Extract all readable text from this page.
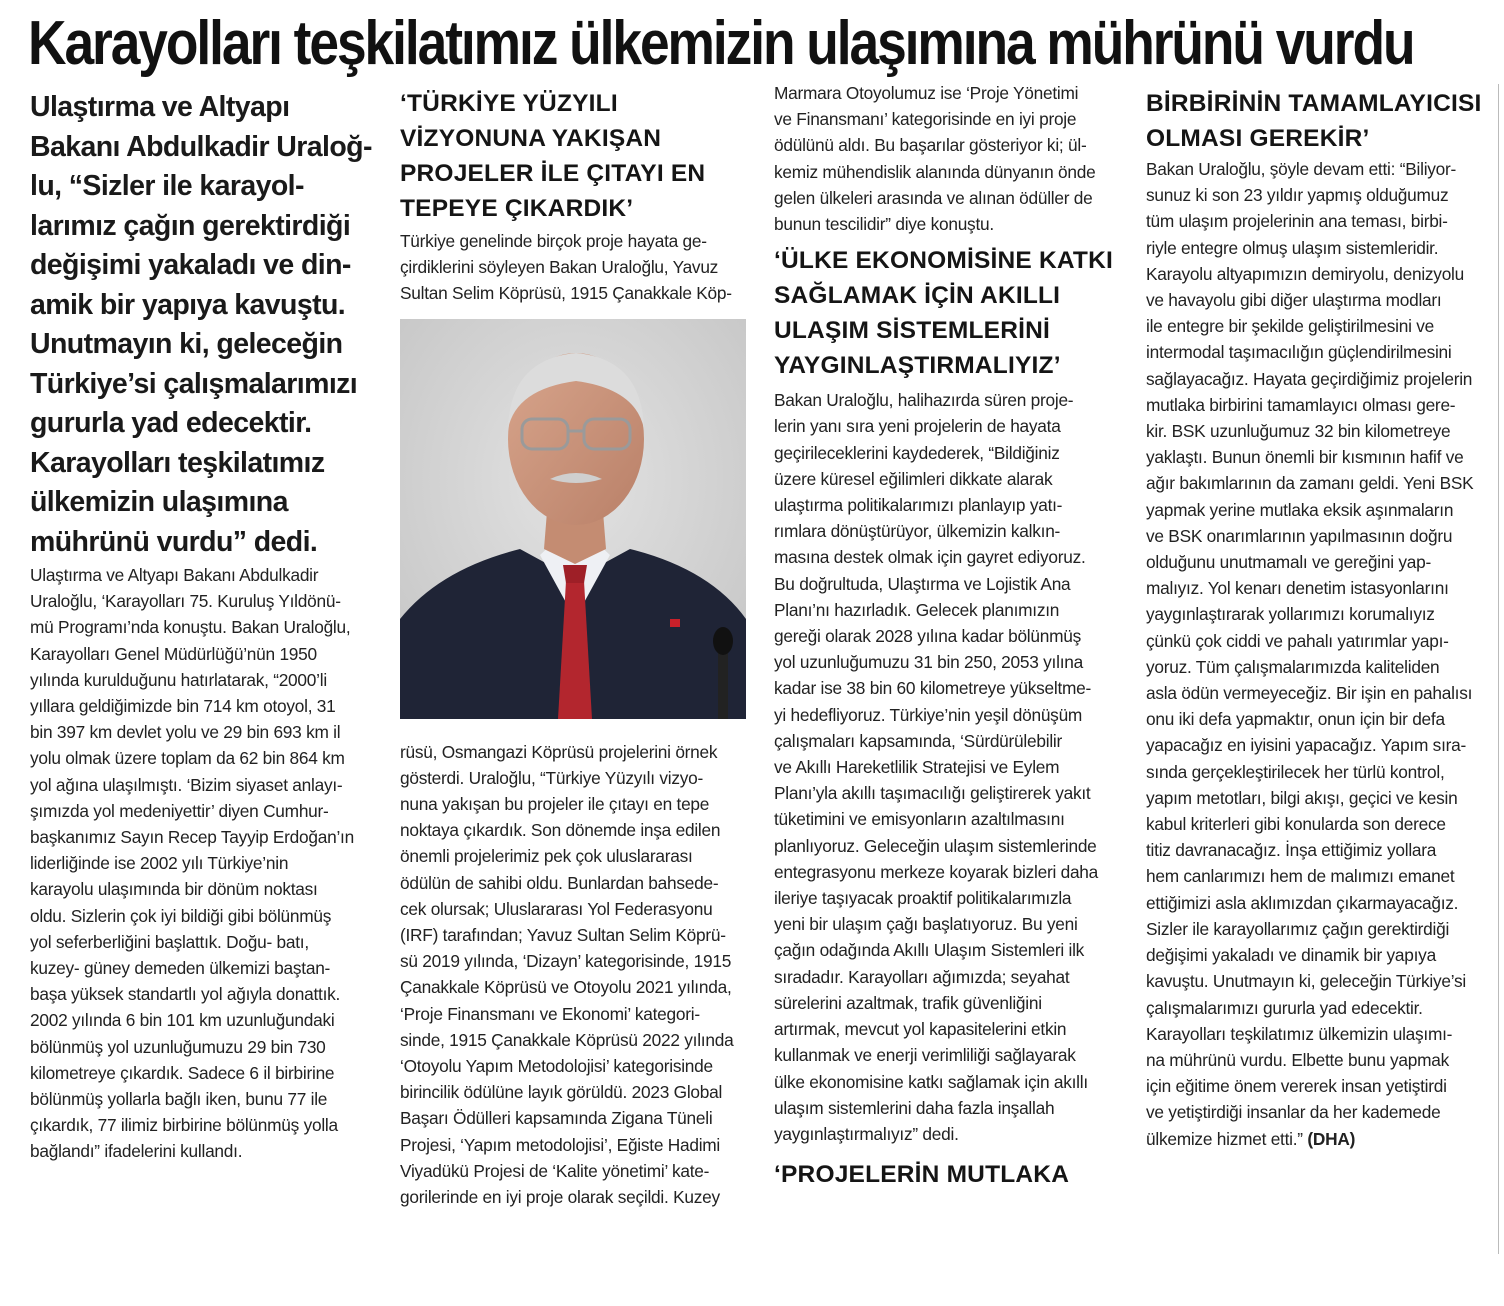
Karayolları teşkilatımız ülkemizin ulaşımına mührünü vurdu
Ulaştırma ve Altyapı
Bakanı Abdulkadir Uraloğ-
lu, “Sizler ile karayol-
larımız çağın gerektirdiği
değişimi yakaladı ve din-
amik bir yapıya kavuştu.
Unutmayın ki, geleceğin
Türkiye’si çalışmalarımızı
gururla yad edecektir.
Karayolları teşkilatımız
ülkemizin ulaşımına
mührünü vurdu” dedi.
Ulaştırma ve Altyapı Bakanı Abdulkadir
Uraloğlu, ‘Karayolları 75. Kuruluş Yıldönü-
mü Programı’nda konuştu. Bakan Uraloğlu,
Karayolları Genel Müdürlüğü’nün 1950
yılında kurulduğunu hatırlatarak, “2000’li
yıllara geldiğimizde bin 714 km otoyol, 31
bin 397 km devlet yolu ve 29 bin 693 km il
yolu olmak üzere toplam da 62 bin 864 km
yol ağına ulaşılmıştı. ‘Bizim siyaset anlayı-
şımızda yol medeniyettir’ diyen Cumhur-
başkanımız Sayın Recep Tayyip Erdoğan’ın
liderliğinde ise 2002 yılı Türkiye’nin
karayolu ulaşımında bir dönüm noktası
oldu. Sizlerin çok iyi bildiği gibi bölünmüş
yol seferberliğini başlattık. Doğu- batı,
kuzey- güney demeden ülkemizi baştan-
başa yüksek standartlı yol ağıyla donattık.
2002 yılında 6 bin 101 km uzunluğundaki
bölünmüş yol uzunluğumuzu 29 bin 730
kilometreye çıkardık. Sadece 6 il birbirine
bölünmüş yollarla bağlı iken, bunu 77 ile
çıkardık, 77 ilimiz birbirine bölünmüş yolla
bağlandı” ifadelerini kullandı.
‘TÜRKİYE YÜZYILI
VİZYONUNA YAKIŞAN
PROJELER İLE ÇITAYI EN
TEPEYE ÇIKARDIK’
Türkiye genelinde birçok proje hayata ge-
çirdiklerini söyleyen Bakan Uraloğlu, Yavuz
Sultan Selim Köprüsü, 1915 Çanakkale Köp-
rüsü, Osmangazi Köprüsü projelerini örnek
gösterdi. Uraloğlu, “Türkiye Yüzyılı vizyo-
nuna yakışan bu projeler ile çıtayı en tepe
noktaya çıkardık. Son dönemde inşa edilen
önemli projelerimiz pek çok uluslararası
ödülün de sahibi oldu. Bunlardan bahsede-
cek olursak; Uluslararası Yol Federasyonu
(IRF) tarafından; Yavuz Sultan Selim Köprü-
sü 2019 yılında, ‘Dizayn’ kategorisinde, 1915
Çanakkale Köprüsü ve Otoyolu 2021 yılında,
‘Proje Finansmanı ve Ekonomi’ kategori-
sinde, 1915 Çanakkale Köprüsü 2022 yılında
‘Otoyolu Yapım Metodolojisi’ kategorisinde
birincilik ödülüne layık görüldü. 2023 Global
Başarı Ödülleri kapsamında Zigana Tüneli
Projesi, ‘Yapım metodolojisi’, Eğiste Hadimi
Viyadükü Projesi de ‘Kalite yönetimi’ kate-
gorilerinde en iyi proje olarak seçildi. Kuzey
Marmara Otoyolumuz ise ‘Proje Yönetimi
ve Finansmanı’ kategorisinde en iyi proje
ödülünü aldı. Bu başarılar gösteriyor ki; ül-
kemiz mühendislik alanında dünyanın önde
gelen ülkeleri arasında ve alınan ödüller de
bunun tescilidir” diye konuştu.
‘ÜLKE EKONOMİSİNE KATKI
SAĞLAMAK İÇİN AKILLI
ULAŞIM SİSTEMLERİNİ
YAYGINLAŞTIRMALIYIZ’
Bakan Uraloğlu, halihazırda süren proje-
lerin yanı sıra yeni projelerin de hayata
geçirileceklerini kaydederek, “Bildiğiniz
üzere küresel eğilimleri dikkate alarak
ulaştırma politikalarımızı planlayıp yatı-
rımlara dönüştürüyor, ülkemizin kalkın-
masına destek olmak için gayret ediyoruz.
Bu doğrultuda, Ulaştırma ve Lojistik Ana
Planı’nı hazırladık. Gelecek planımızın
gereği olarak 2028 yılına kadar bölünmüş
yol uzunluğumuzu 31 bin 250, 2053 yılına
kadar ise 38 bin 60 kilometreye yükseltme-
yi hedefliyoruz. Türkiye’nin yeşil dönüşüm
çalışmaları kapsamında, ‘Sürdürülebilir
ve Akıllı Hareketlilik Stratejisi ve Eylem
Planı’yla akıllı taşımacılığı geliştirerek yakıt
tüketimini ve emisyonların azaltılmasını
planlıyoruz. Geleceğin ulaşım sistemlerinde
entegrasyonu merkeze koyarak bizleri daha
ileriye taşıyacak proaktif politikalarımızla
yeni bir ulaşım çağı başlatıyoruz. Bu yeni
çağın odağında Akıllı Ulaşım Sistemleri ilk
sıradadır. Karayolları ağımızda; seyahat
sürelerini azaltmak, trafik güvenliğini
artırmak, mevcut yol kapasitelerini etkin
kullanmak ve enerji verimliliği sağlayarak
ülke ekonomisine katkı sağlamak için akıllı
ulaşım sistemlerini daha fazla inşallah
yaygınlaştırmalıyız” dedi.
‘PROJELERİN MUTLAKA
BİRBİRİNİN TAMAMLAYICISI
OLMASI GEREKİR’
Bakan Uraloğlu, şöyle devam etti: “Biliyor-
sunuz ki son 23 yıldır yapmış olduğumuz
tüm ulaşım projelerinin ana teması, birbi-
riyle entegre olmuş ulaşım sistemleridir.
Karayolu altyapımızın demiryolu, denizyolu
ve havayolu gibi diğer ulaştırma modları
ile entegre bir şekilde geliştirilmesini ve
intermodal taşımacılığın güçlendirilmesini
sağlayacağız. Hayata geçirdiğimiz projelerin
mutlaka birbirini tamamlayıcı olması gere-
kir. BSK uzunluğumuz 32 bin kilometreye
yaklaştı. Bunun önemli bir kısmının hafif ve
ağır bakımlarının da zamanı geldi. Yeni BSK
yapmak yerine mutlaka eksik aşınmaların
ve BSK onarımlarının yapılmasının doğru
olduğunu unutmamalı ve gereğini yap-
malıyız. Yol kenarı denetim istasyonlarını
yaygınlaştırarak yollarımızı korumalıyız
çünkü çok ciddi ve pahalı yatırımlar yapı-
yoruz. Tüm çalışmalarımızda kaliteliden
asla ödün vermeyeceğiz. Bir işin en pahalısı
onu iki defa yapmaktır, onun için bir defa
yapacağız en iyisini yapacağız. Yapım sıra-
sında gerçekleştirilecek her türlü kontrol,
yapım metotları, bilgi akışı, geçici ve kesin
kabul kriterleri gibi konularda son derece
titiz davranacağız. İnşa ettiğimiz yollara
hem canlarımızı hem de malımızı emanet
ettiğimizi asla aklımızdan çıkarmayacağız.
Sizler ile karayollarımız çağın gerektirdiği
değişimi yakaladı ve dinamik bir yapıya
kavuştu. Unutmayın ki, geleceğin Türkiye’si
çalışmalarımızı gururla yad edecektir.
Karayolları teşkilatımız ülkemizin ulaşımı-
na mührünü vurdu. Elbette bunu yapmak
için eğitime önem vererek insan yetiştirdi
ve yetiştirdiği insanlar da her kademede
ülkemize hizmet etti.” (DHA)
